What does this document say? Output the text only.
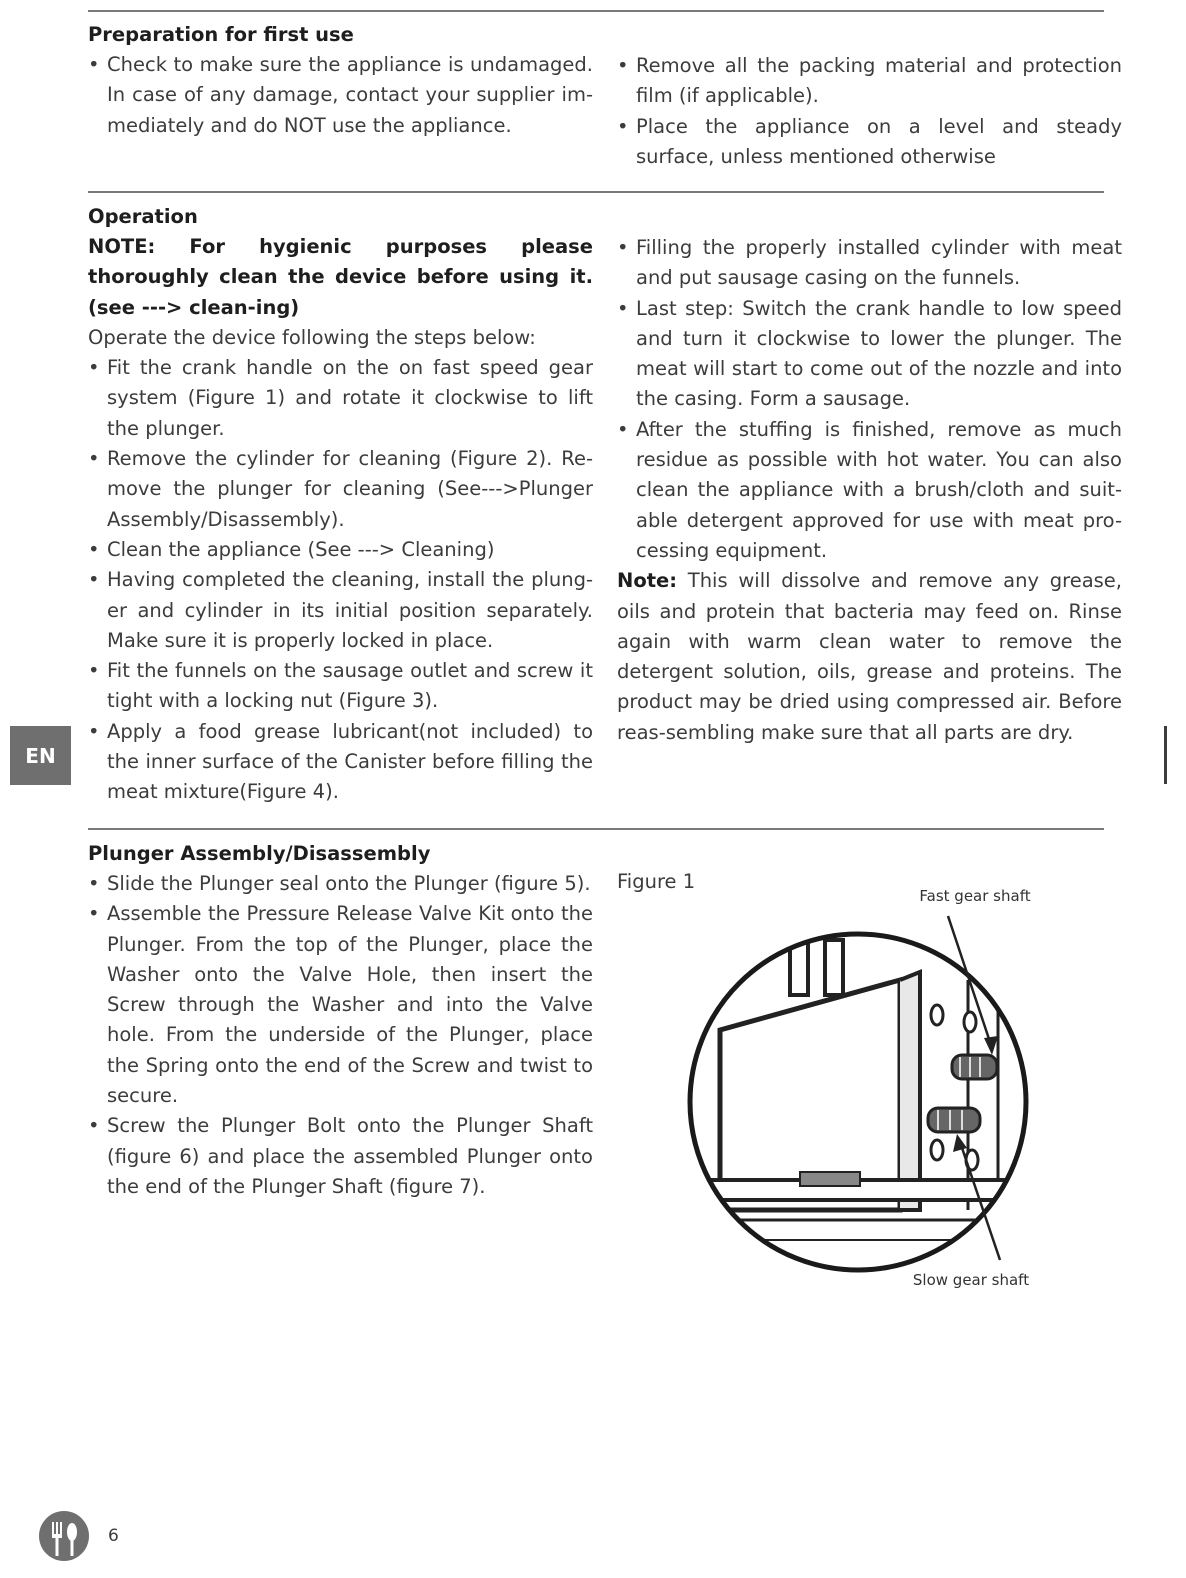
Preparation for first use
• Check to make sure the appliance is undamaged. In case of any damage, contact your supplier im-mediately and do NOT use the appliance.
• Remove all the packing material and protection film (if applicable).
• Place the appliance on a level and steady surface, unless mentioned otherwise
Operation
NOTE: For hygienic purposes please thoroughly clean the device before using it. (see ---> clean-ing)
Operate the device following the steps below:
• Fit the crank handle on the on fast speed gear system (Figure 1) and rotate it clockwise to lift the plunger.
• Remove the cylinder for cleaning (Figure 2). Re-move the plunger for cleaning (See--->Plunger Assembly/Disassembly).
• Clean the appliance (See ---> Cleaning)
• Having completed the cleaning, install the plung-er and cylinder in its initial position separately. Make sure it is properly locked in place.
• Fit the funnels on the sausage outlet and screw it tight with a locking nut (Figure 3).
• Apply a food grease lubricant(not included) to the inner surface of the Canister before filling the meat mixture(Figure 4).
• Filling the properly installed cylinder with meat and put sausage casing on the funnels.
• Last step: Switch the crank handle to low speed and turn it clockwise to lower the plunger. The meat will start to come out of the nozzle and into the casing. Form a sausage.
• After the stuffing is finished, remove as much residue as possible with hot water. You can also clean the appliance with a brush/cloth and suit-able detergent approved for use with meat pro-cessing equipment.
Note: This will dissolve and remove any grease, oils and protein that bacteria may feed on. Rinse again with warm clean water to remove the detergent solution, oils, grease and proteins. The product may be dried using compressed air. Before reas-sembling make sure that all parts are dry.
Plunger Assembly/Disassembly
• Slide the Plunger seal onto the Plunger (figure 5).
• Assemble the Pressure Release Valve Kit onto the Plunger. From the top of the Plunger, place the Washer onto the Valve Hole, then insert the Screw through the Washer and into the Valve hole. From the underside of the Plunger, place the Spring onto the end of the Screw and twist to secure.
• Screw the Plunger Bolt onto the Plunger Shaft (figure 6) and place the assembled Plunger onto the end of the Plunger Shaft (figure 7).
Figure 1
Fast gear shaft
Slow gear shaft
EN
6
